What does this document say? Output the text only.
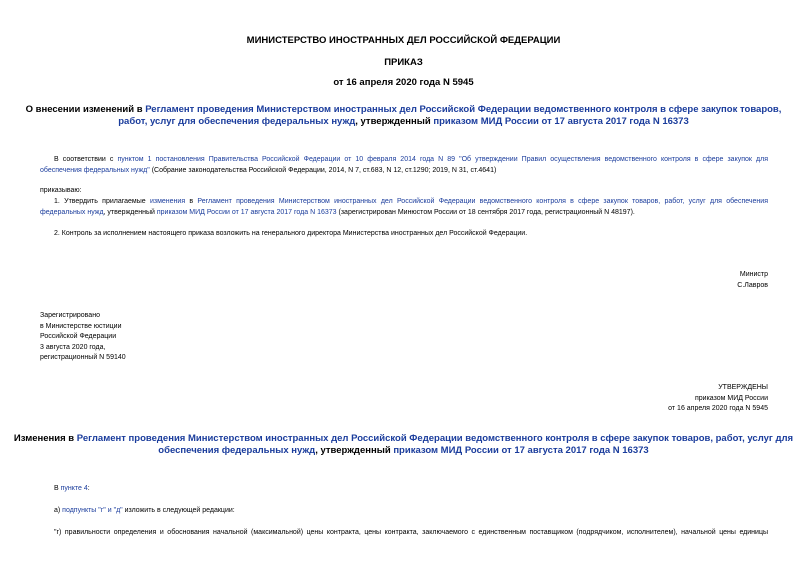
МИНИСТЕРСТВО ИНОСТРАННЫХ ДЕЛ РОССИЙСКОЙ ФЕДЕРАЦИИ
ПРИКАЗ
от 16 апреля 2020 года N 5945
О внесении изменений в Регламент проведения Министерством иностранных дел Российской Федерации ведомственного контроля в сфере закупок товаров,
работ, услуг для обеспечения федеральных нужд, утвержденный приказом МИД России от 17 августа 2017 года N 16373
В соответствии с пунктом 1 постановления Правительства Российской Федерации от 10 февраля 2014 года N 89 "Об утверждении Правил осуществления ведомственного контроля в сфере закупок для
обеспечения федеральных нужд" (Собрание законодательства Российской Федерации, 2014, N 7, ст.683, N 12, ст.1290; 2019, N 31, ст.4641)
приказываю:
1. Утвердить прилагаемые изменения в Регламент проведения Министерством иностранных дел Российской Федерации ведомственного контроля в сфере закупок товаров, работ, услуг для обеспечения
федеральных нужд, утвержденный приказом МИД России от 17 августа 2017 года N 16373 (зарегистрирован Минюстом России от 18 сентября 2017 года, регистрационный N 48197).
2. Контроль за исполнением настоящего приказа возложить на генерального директора Министерства иностранных дел Российской Федерации.
Министр
С.Лавров
Зарегистрировано
в Министерстве юстиции
Российской Федерации
3 августа 2020 года,
регистрационный N 59140
УТВЕРЖДЕНЫ
приказом МИД России
от 16 апреля 2020 года N 5945
Изменения в Регламент проведения Министерством иностранных дел Российской Федерации ведомственного контроля в сфере закупок товаров, работ, услуг для
обеспечения федеральных нужд, утвержденный приказом МИД России от 17 августа 2017 года N 16373
В пункте 4:
а) подпункты "г" и "д" изложить в следующей редакции:
"г) правильности определения и обоснования начальной (максимальной) цены контракта, цены контракта, заключаемого с единственным поставщиком (подрядчиком, исполнителем), начальной цены единицы
